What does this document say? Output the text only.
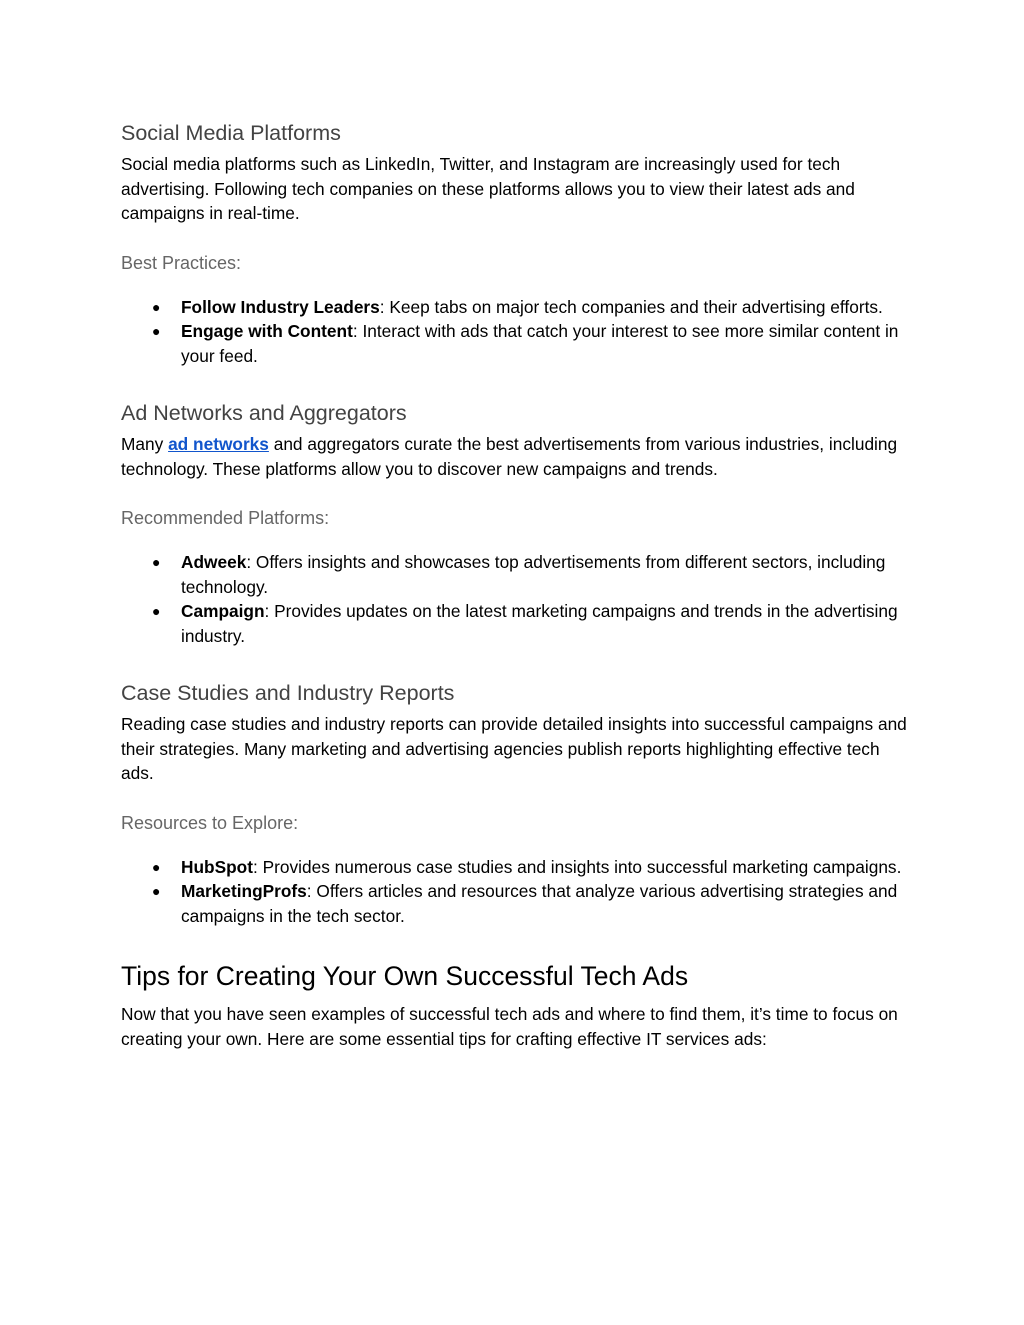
Social Media Platforms

Social media platforms such as LinkedIn, Twitter, and Instagram are increasingly used for tech advertising. Following tech companies on these platforms allows you to view their latest ads and campaigns in real-time.

Best Practices:
● Follow Industry Leaders: Keep tabs on major tech companies and their advertising efforts.
● Engage with Content: Interact with ads that catch your interest to see more similar content in your feed.
Ad Networks and Aggregators

Many ad networks and aggregators curate the best advertisements from various industries, including technology. These platforms allow you to discover new campaigns and trends.

Recommended Platforms:
● Adweek: Offers insights and showcases top advertisements from different sectors, including technology.
● Campaign: Provides updates on the latest marketing campaigns and trends in the advertising industry.
Case Studies and Industry Reports

Reading case studies and industry reports can provide detailed insights into successful campaigns and their strategies. Many marketing and advertising agencies publish reports highlighting effective tech ads.

Resources to Explore:
● HubSpot: Provides numerous case studies and insights into successful marketing campaigns.
● MarketingProfs: Offers articles and resources that analyze various advertising strategies and campaigns in the tech sector.
Tips for Creating Your Own Successful Tech Ads

Now that you have seen examples of successful tech ads and where to find them, it’s time to focus on creating your own. Here are some essential tips for crafting effective IT services ads:
